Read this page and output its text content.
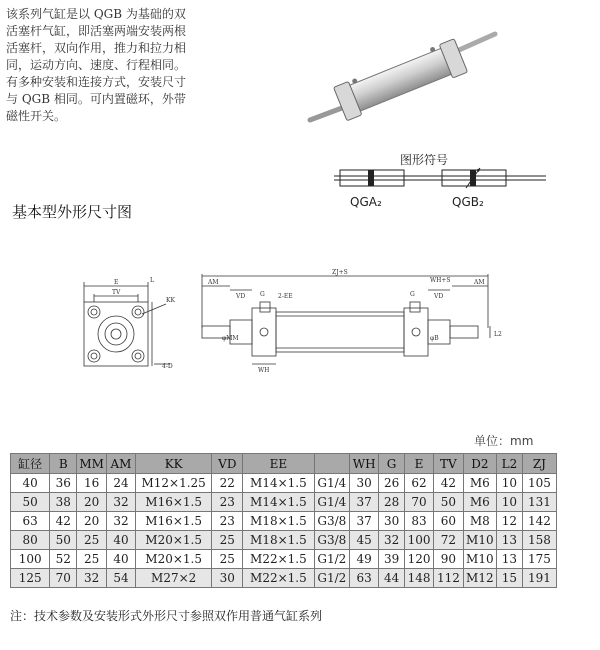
该系列气缸是以 QGB 为基础的双
活塞杆气缸，即活塞两端安装两根
活塞杆，双向作用，推力和拉力相
同，运动方向、速度、行程相同。
有多种安装和连接方式，安装尺寸
与 QGB 相同。可内置磁环，外带
磁性开关。
图形符号
QGA₂	QGB₂
基本型外形尺寸图
E
TV
L
KK
4-D
AM
VD G 2-EE
ZJ+S
WH+S	AM
G	VD
WH
φMM	φB
L2
单位：mm
缸径	B	MM	AM	KK	VD	EE		WH	G	E	TV	D2	L2	ZJ
40	36	16	24	M12×1.25	22	M14×1.5	G1/4	30	26	62	42	M6	10	105
50	38	20	32	M16×1.5	23	M14×1.5	G1/4	37	28	70	50	M6	10	131
63	42	20	32	M16×1.5	23	M18×1.5	G3/8	37	30	83	60	M8	12	142
80	50	25	40	M20×1.5	25	M18×1.5	G3/8	45	32	100	72	M10	13	158
100	52	25	40	M20×1.5	25	M22×1.5	G1/2	49	39	120	90	M10	13	175
125	70	32	54	M27×2	30	M22×1.5	G1/2	63	44	148	112	M12	15	191
注：技术参数及安装形式外形尺寸参照双作用普通气缸系列
